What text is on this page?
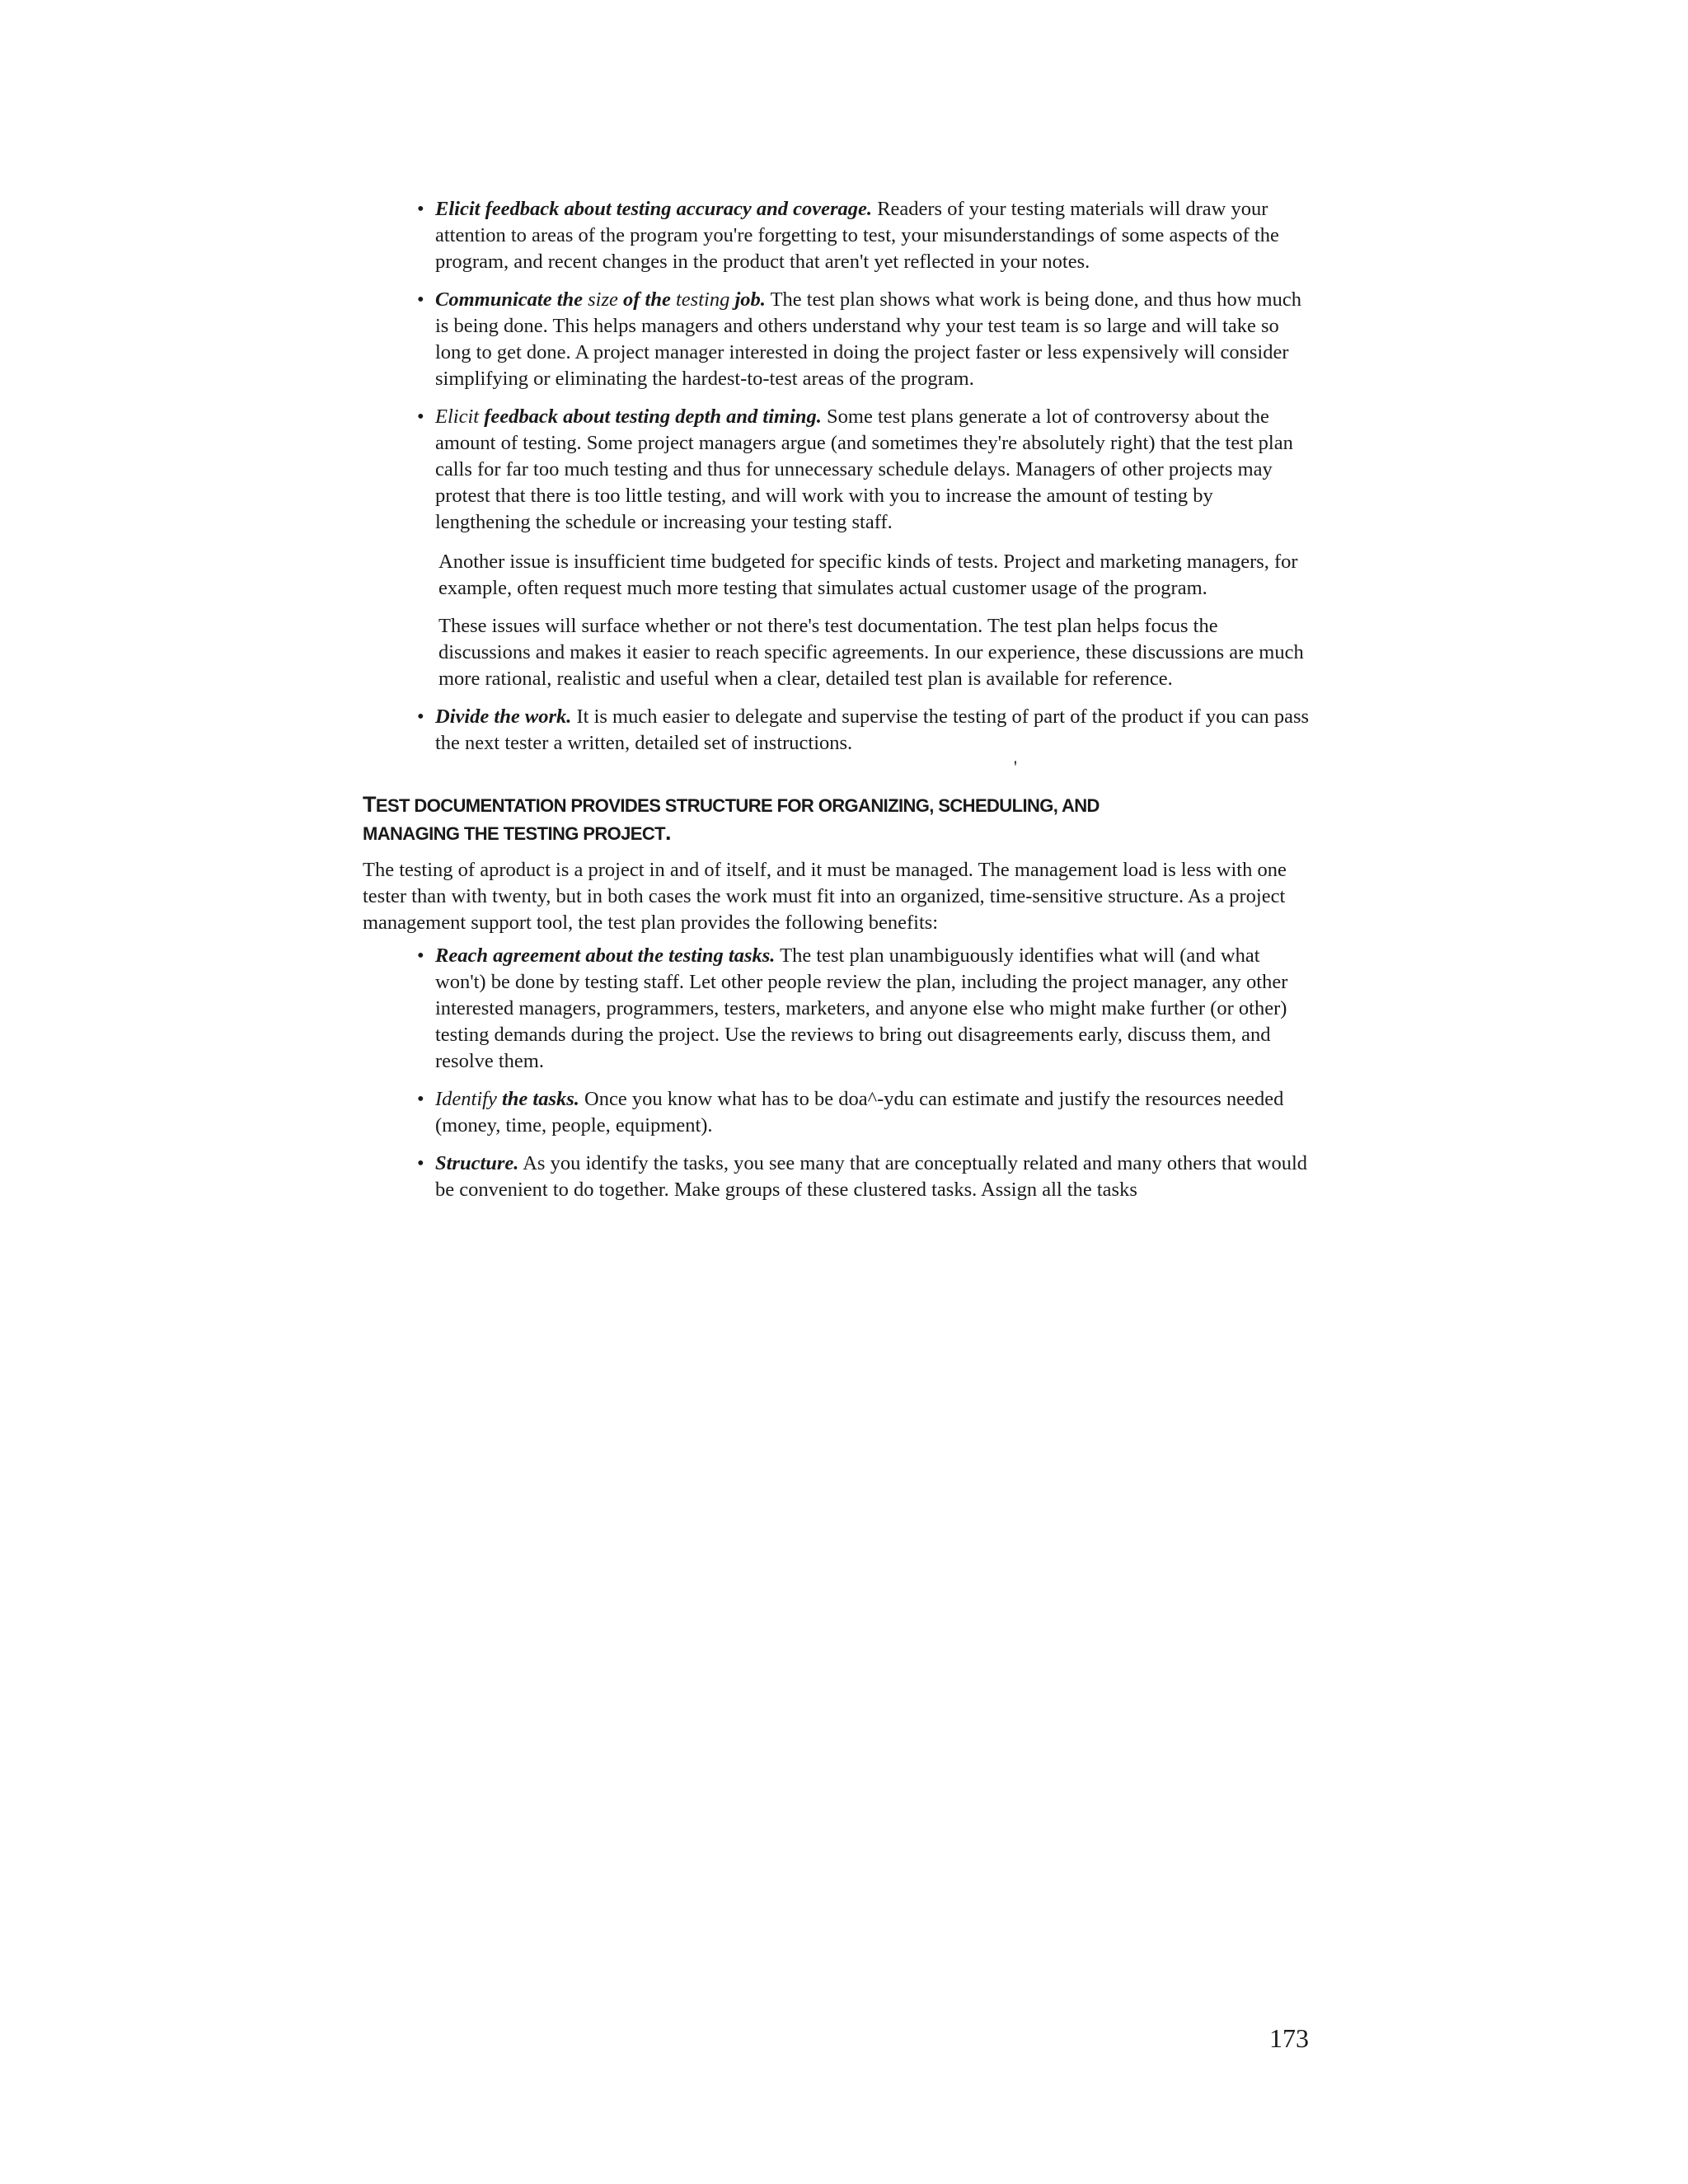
• Elicit feedback about testing accuracy and coverage. Readers of your testing materials will draw your attention to areas of the program you're forgetting to test, your misunderstandings of some aspects of the program, and recent changes in the product that aren't yet reflected in your notes.
• Communicate the size of the testing job. The test plan shows what work is being done, and thus how much is being done. This helps managers and others understand why your test team is so large and will take so long to get done. A project manager interested in doing the project faster or less expensively will consider simplifying or eliminating the hardest-to-test areas of the program.
• Elicit feedback about testing depth and timing. Some test plans generate a lot of controversy about the amount of testing. Some project managers argue (and sometimes they're absolutely right) that the test plan calls for far too much testing and thus for unnecessary schedule delays. Managers of other projects may protest that there is too little testing, and will work with you to increase the amount of testing by lengthening the schedule or increasing your testing staff.

Another issue is insufficient time budgeted for specific kinds of tests. Project and marketing managers, for example, often request much more testing that simulates actual customer usage of the program.

These issues will surface whether or not there's test documentation. The test plan helps focus the discussions and makes it easier to reach specific agreements. In our experience, these discussions are much more rational, realistic and useful when a clear, detailed test plan is available for reference.

• Divide the work. It is much easier to delegate and supervise the testing of part of the product if you can pass the next tester a written, detailed set of instructions.
'
TEST DOCUMENTATION PROVIDES STRUCTURE FOR ORGANIZING, SCHEDULING, AND
MANAGING THE TESTING PROJECT.

The testing of aproduct is a project in and of itself, and it must be managed. The management load is less with one tester than with twenty, but in both cases the work must fit into an organized, time-sensitive structure. As a project management support tool, the test plan provides the following benefits:

• Reach agreement about the testing tasks. The test plan unambiguously identifies what will (and what won't) be done by testing staff. Let other people review the plan, including the project manager, any other interested managers, programmers, testers, marketers, and anyone else who might make further (or other) testing demands during the project. Use the reviews to bring out disagreements early, discuss them, and resolve them.
• Identify the tasks. Once you know what has to be doa^-ydu can estimate and justify the resources needed (money, time, people, equipment).
• Structure. As you identify the tasks, you see many that are conceptually related and many others that would be convenient to do together. Make groups of these clustered tasks. Assign all the tasks
173
